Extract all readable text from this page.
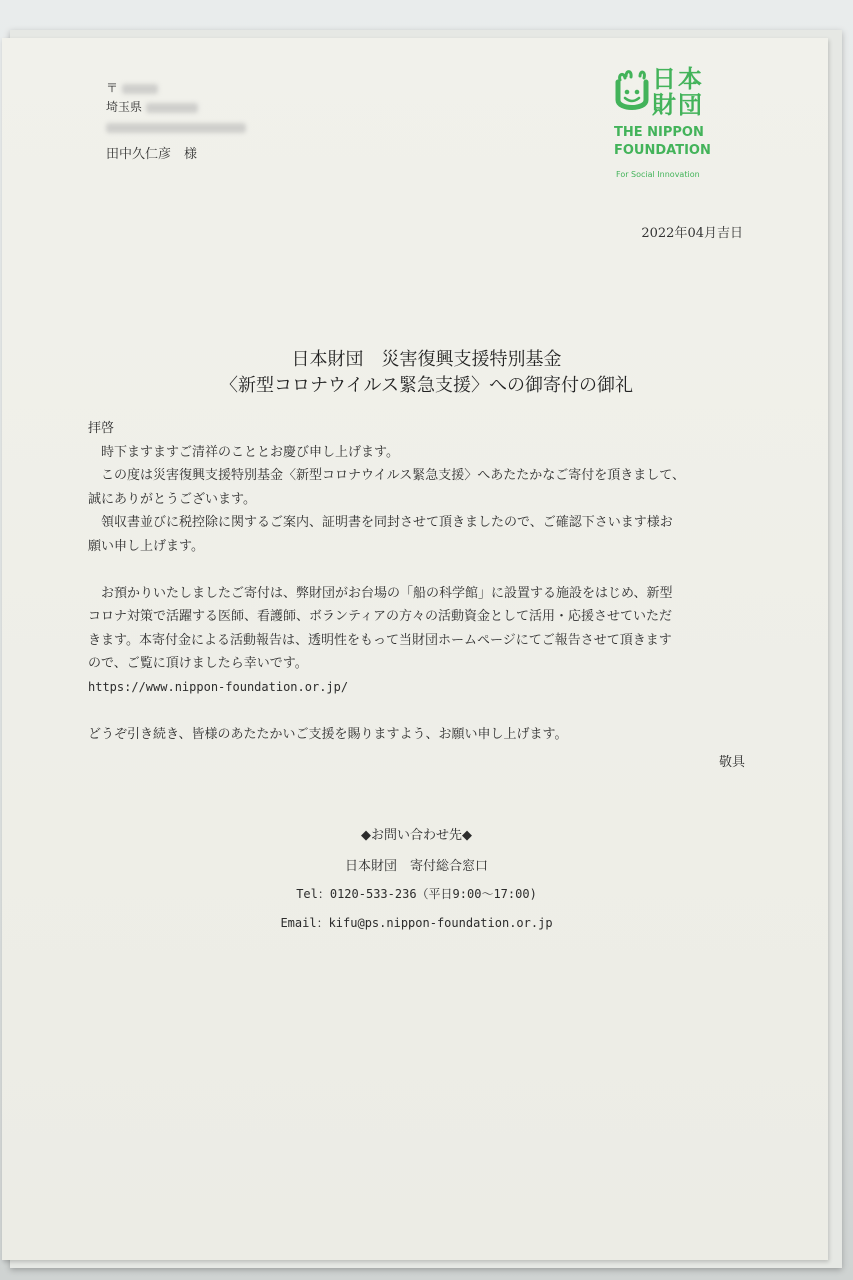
〒
埼玉県
田中久仁彦　様
日本
財団
THE NIPPON
FOUNDATION
For Social Innovation
2022年04月吉日
日本財団　災害復興支援特別基金
〈新型コロナウイルス緊急支援〉への御寄付の御礼
拝啓
時下ますますご清祥のこととお慶び申し上げます。
この度は災害復興支援特別基金〈新型コロナウイルス緊急支援〉へあたたかなご寄付を頂きまして、
誠にありがとうございます。
領収書並びに税控除に関するご案内、証明書を同封させて頂きましたので、ご確認下さいます様お
願い申し上げます。
お預かりいたしましたご寄付は、弊財団がお台場の「船の科学館」に設置する施設をはじめ、新型
コロナ対策で活躍する医師、看護師、ボランティアの方々の活動資金として活用・応援させていただ
きます。本寄付金による活動報告は、透明性をもって当財団ホームページにてご報告させて頂きます
ので、ご覧に頂けましたら幸いです。
https://www.nippon-foundation.or.jp/
どうぞ引き続き、皆様のあたたかいご支援を賜りますよう、お願い申し上げます。
敬具
◆お問い合わせ先◆
日本財団　寄付総合窓口
Tel：0120-533-236（平日9:00～17:00)
Email：kifu@ps.nippon-foundation.or.jp
